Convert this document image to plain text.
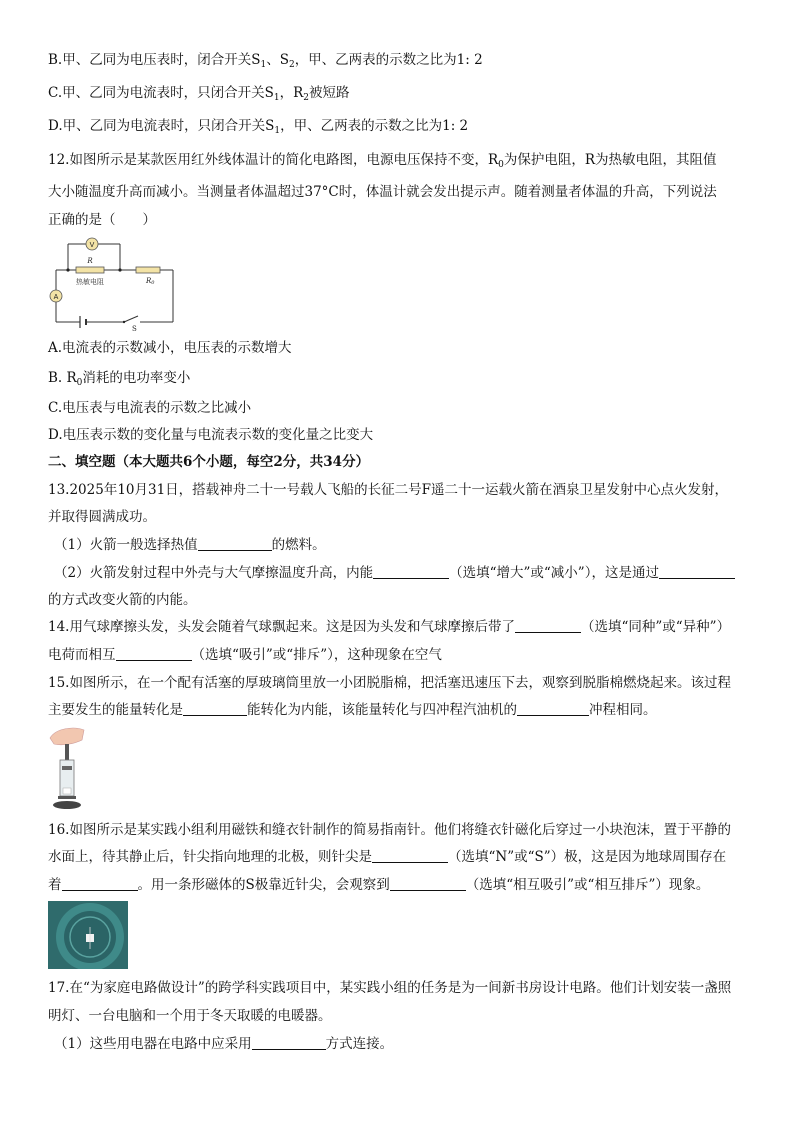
B.甲、乙同为电压表时，闭合开关$S_1$、$S_2$，甲、乙两表的示数之比为1: 2
C.甲、乙同为电流表时，只闭合开关$S_1$，$R_2$被短路
D.甲、乙同为电流表时，只闭合开关$S_1$，甲、乙两表的示数之比为1: 2
12.如图所示是某款医用红外线体温计的简化电路图，电源电压保持不变，$R_0$为保护电阻，R为热敏电阻，其阻值
大小随温度升高而减小。当测量者体温超过37°C时，体温计就会发出提示声。随着测量者体温的升高，下列说法
正确的是（　　）
V
A
R
热敏电阻	R0
S
A.电流表的示数减小，电压表的示数增大
B. $R_0$消耗的电功率变小
C.电压表与电流表的示数之比减小
D.电压表示数的变化量与电流表示数的变化量之比变大
二、填空题（本大题共6个小题，每空2分，共34分）
13.2025年10月31日，搭载神舟二十一号载人飞船的长征二号F遥二十一运载火箭在酒泉卫星发射中心点火发射，
并取得圆满成功。
（1）火箭一般选择热值	的燃料。
（2）火箭发射过程中外壳与大气摩擦温度升高，内能	（选填“增大”或“减小”），这是通过
的方式改变火箭的内能。
14.用气球摩擦头发，头发会随着气球飘起来。这是因为头发和气球摩擦后带了	（选填“同种”或“异种”）
电荷而相互	（选填“吸引”或“排斥”），这种现象在空气
15.如图所示，在一个配有活塞的厚玻璃筒里放一小团脱脂棉，把活塞迅速压下去，观察到脱脂棉燃烧起来。该过程
主要发生的能量转化是	能转化为内能，该能量转化与四冲程汽油机的	冲程相同。
16.如图所示是某实践小组利用磁铁和缝衣针制作的简易指南针。他们将缝衣针磁化后穿过一小块泡沫，置于平静的
水面上，待其静止后，针尖指向地理的北极，则针尖是	（选填“N”或“S”）极，这是因为地球周围存在
着	。用一条形磁体的S极靠近针尖，会观察到	（选填“相互吸引”或“相互排斥”）现象。
17.在“为家庭电路做设计”的跨学科实践项目中，某实践小组的任务是为一间新书房设计电路。他们计划安装一盏照
明灯、一台电脑和一个用于冬天取暖的电暖器。
（1）这些用电器在电路中应采用	方式连接。
